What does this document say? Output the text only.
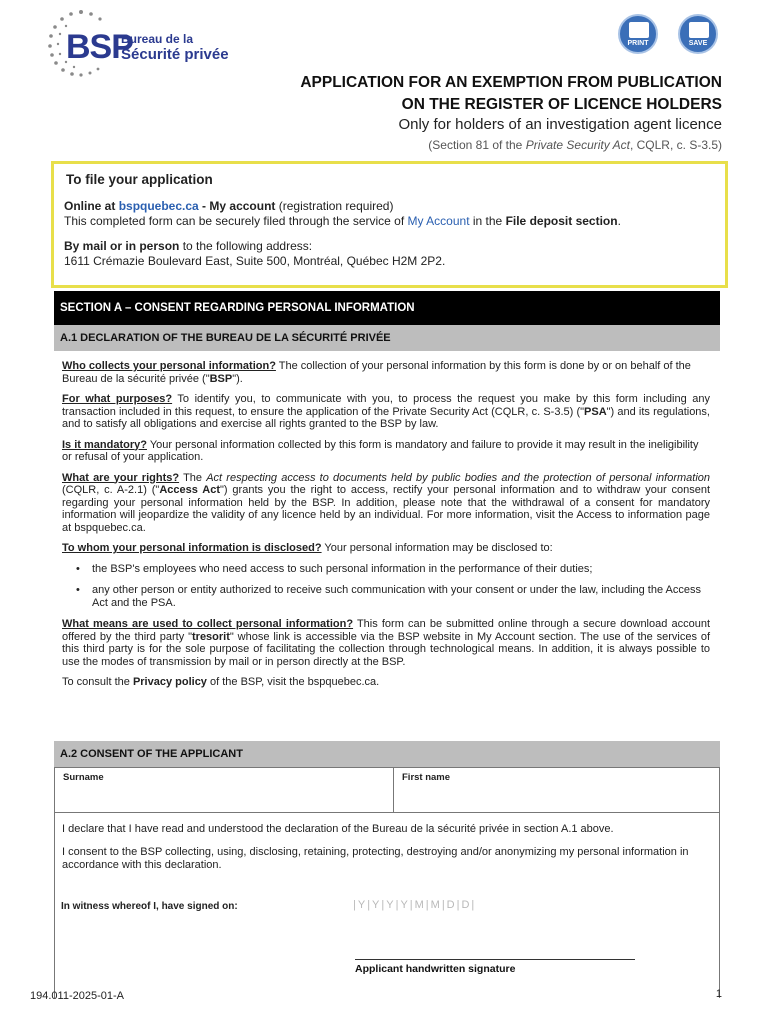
BSP
Bureau de la
Sécurité privée
PRINT	SAVE
APPLICATION FOR AN EXEMPTION FROM PUBLICATION
ON THE REGISTER OF LICENCE HOLDERS
Only for holders of an investigation agent licence
(Section 81 of the Private Security Act, CQLR, c. S-3.5)
To file your application
Online at bspquebec.ca - My account (registration required)
This completed form can be securely filed through the service of My Account in the File deposit section.
By mail or in person to the following address:
1611 Crémazie Boulevard East, Suite 500, Montréal, Québec H2M 2P2.
SECTION A – CONSENT REGARDING PERSONAL INFORMATION
A.1 DECLARATION OF THE BUREAU DE LA SÉCURITÉ PRIVÉE

Who collects your personal information? The collection of your personal information by this form is done by or on behalf of the Bureau de la sécurité privée ("BSP").

For what purposes? To identify you, to communicate with you, to process the request you make by this form including any transaction included in this request, to ensure the application of the Private Security Act (CQLR, c. S-3.5) ("PSA") and its regulations, and to satisfy all obligations and exercise all rights granted to the BSP by law.

Is it mandatory? Your personal information collected by this form is mandatory and failure to provide it may result in the ineligibility or refusal of your application.

What are your rights? The Act respecting access to documents held by public bodies and the protection of personal information (CQLR, c. A-2.1) ("Access Act") grants you the right to access, rectify your personal information and to withdraw your consent regarding your personal information held by the BSP. In addition, please note that the withdrawal of a consent for mandatory information will jeopardize the validity of any licence held by an individual. For more information, visit the Access to information page at bspquebec.ca.

To whom your personal information is disclosed? Your personal information may be disclosed to:

• the BSP's employees who need access to such personal information in the performance of their duties;
• any other person or entity authorized to receive such communication with your consent or under the law, including the Access Act and the PSA.

What means are used to collect personal information? This form can be submitted online through a secure download account offered by the third party "tresorit" whose link is accessible via the BSP website in My Account section. The use of the services of this third party is for the sole purpose of facilitating the collection through technological means. In addition, it is always possible to use the modes of transmission by mail or in person directly at the BSP.

To consult the Privacy policy of the BSP, visit the bspquebec.ca.

A.2 CONSENT OF THE APPLICANT
Surname	First name

I declare that I have read and understood the declaration of the Bureau de la sécurité privée in section A.1 above.

I consent to the BSP collecting, using, disclosing, retaining, protecting, destroying and/or anonymizing my personal information in accordance with this declaration.

In witness whereof I, have signed on:	|Y|Y|Y|Y|M|M|D|D|
Applicant handwritten signature
194.011-2025-01-A	1
